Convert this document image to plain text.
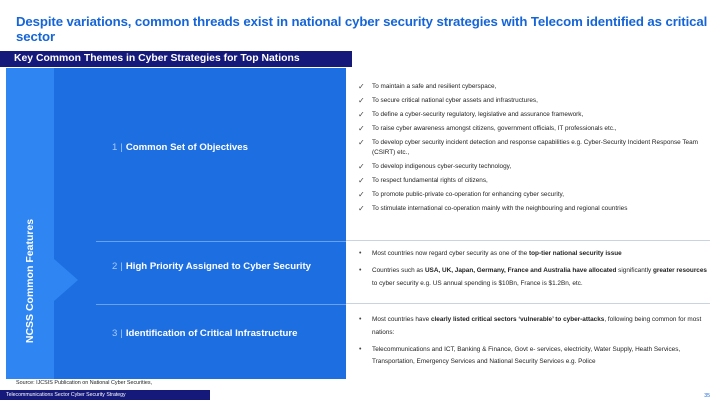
Despite variations, common threads exist in national cyber security strategies with Telecom identified as critical sector
Key Common Themes in Cyber Strategies for Top Nations
NCSS Common Features
1 | Common Set of Objectives
2 | High Priority Assigned to Cyber Security
3 | Identification of Critical Infrastructure
✓ To maintain a safe and resilient cyberspace,
✓ To secure critical national cyber assets and infrastructures,
✓ To define a cyber-security regulatory, legislative and assurance framework,
✓ To raise cyber awareness amongst citizens, government officials, IT professionals etc.,
✓ To develop cyber security incident detection and response capabilities e.g. Cyber-Security Incident Response Team (CSIRT) etc.,
✓ To develop indigenous cyber-security technology,
✓ To respect fundamental rights of citizens,
✓ To promote public-private co-operation for enhancing cyber security,
✓ To stimulate international co-operation mainly with the neighbouring and regional countries
• Most countries now regard cyber security as one of the top-tier national security issue
• Countries such as USA, UK, Japan, Germany, France and Australia have allocated significantly greater resources to cyber security e.g. US annual spending is $10Bn, France is $1.2Bn, etc.
• Most countries have clearly listed critical sectors ‘vulnerable’ to cyber-attacks, following being common for most nations:
• Telecommunications and ICT, Banking & Finance, Govt e- services, electricity, Water Supply, Heath Services, Transportation, Emergency Services and National Security Services e.g. Police
Source: IJCSIS Publication on National Cyber Securities,
Telecommunications Sector Cyber Security Strategy	35
